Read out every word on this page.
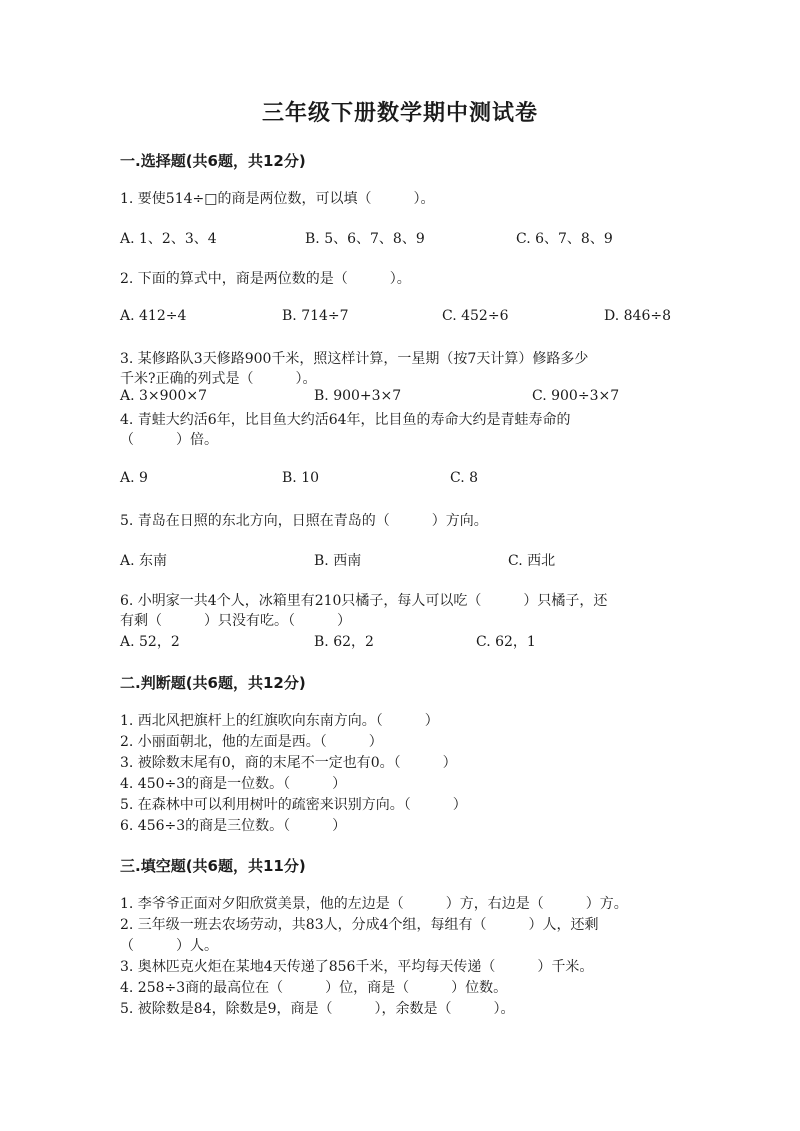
三年级下册数学期中测试卷
一.选择题(共6题，共12分)
1. 要使514÷□的商是两位数，可以填（　　　）。
A. 1、2、3、4	B. 5、6、7、8、9	C. 6、7、8、9
2. 下面的算式中，商是两位数的是（　　　）。
A. 412÷4	B. 714÷7	C. 452÷6	D. 846÷8
3. 某修路队3天修路900千米，照这样计算，一星期（按7天计算）修路多少
千米?正确的列式是（　　　）。
A. 3×900×7	B. 900+3×7	C. 900÷3×7
4. 青蛙大约活6年，比目鱼大约活64年，比目鱼的寿命大约是青蛙寿命的
（　　　）倍。
A. 9	B. 10	C. 8
5. 青岛在日照的东北方向，日照在青岛的（　　　）方向。
A. 东南	B. 西南	C. 西北
6. 小明家一共4个人，冰箱里有210只橘子，每人可以吃（　　　）只橘子，还
有剩（　　　）只没有吃。（　　　）
A. 52，2	B. 62，2	C. 62，1
二.判断题(共6题，共12分)
1. 西北风把旗杆上的红旗吹向东南方向。（　　　）
2. 小丽面朝北，他的左面是西。（　　　）
3. 被除数末尾有0，商的末尾不一定也有0。（　　　）
4. 450÷3的商是一位数。（　　　）
5. 在森林中可以利用树叶的疏密来识别方向。（　　　）
6. 456÷3的商是三位数。（　　　）
三.填空题(共6题，共11分)
1. 李爷爷正面对夕阳欣赏美景，他的左边是（　　　）方，右边是（　　　）方。
2. 三年级一班去农场劳动，共83人，分成4个组，每组有（　　　）人，还剩
（　　　）人。
3. 奥林匹克火炬在某地4天传递了856千米，平均每天传递（　　　）千米。
4. 258÷3商的最高位在（　　　）位，商是（　　　）位数。
5. 被除数是84，除数是9，商是（　　　），余数是（　　　）。
